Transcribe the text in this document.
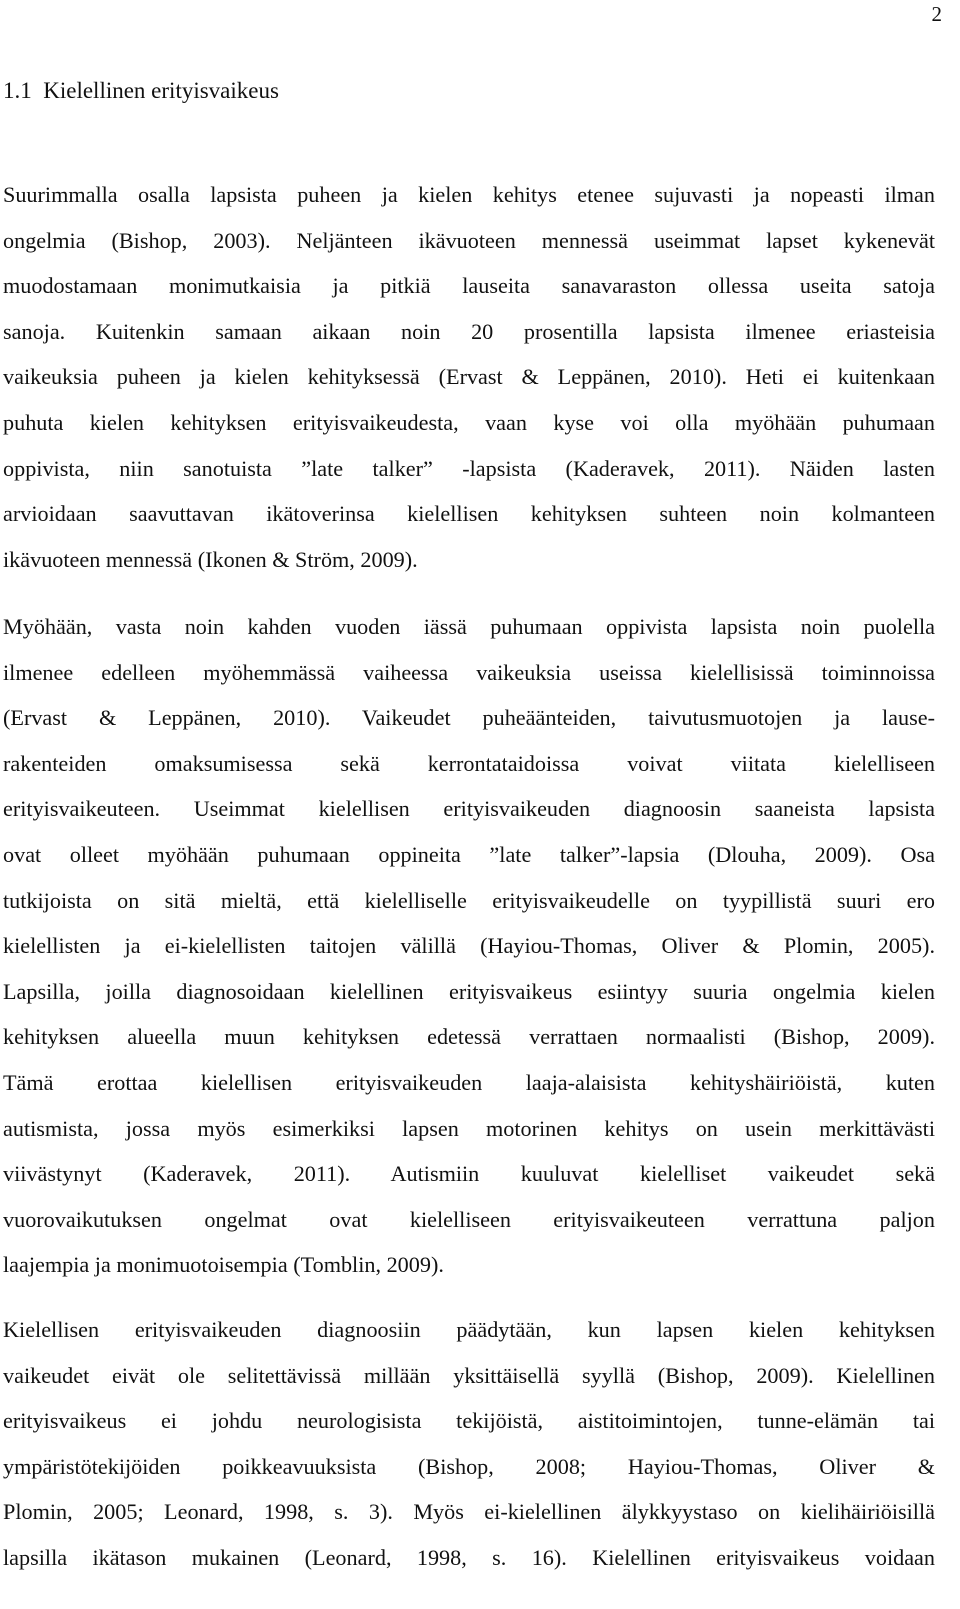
2
1.1 Kielellinen erityisvaikeus
Suurimmalla osalla lapsista puheen ja kielen kehitys etenee sujuvasti ja nopeasti ilman
ongelmia (Bishop, 2003). Neljänteen ikävuoteen mennessä useimmat lapset kykenevät
muodostamaan monimutkaisia ja pitkiä lauseita sanavaraston ollessa useita satoja
sanoja. Kuitenkin samaan aikaan noin 20 prosentilla lapsista ilmenee eriasteisia
vaikeuksia puheen ja kielen kehityksessä (Ervast & Leppänen, 2010). Heti ei kuitenkaan
puhuta kielen kehityksen erityisvaikeudesta, vaan kyse voi olla myöhään puhumaan
oppivista, niin sanotuista ”late talker” -lapsista (Kaderavek, 2011). Näiden lasten
arvioidaan saavuttavan ikätoverinsa kielellisen kehityksen suhteen noin kolmanteen
ikävuoteen mennessä (Ikonen & Ström, 2009).
Myöhään, vasta noin kahden vuoden iässä puhumaan oppivista lapsista noin puolella
ilmenee edelleen myöhemmässä vaiheessa vaikeuksia useissa kielellisissä toiminnoissa
(Ervast & Leppänen, 2010). Vaikeudet puheäänteiden, taivutusmuotojen ja lause-
rakenteiden omaksumisessa sekä kerrontataidoissa voivat viitata kielelliseen
erityisvaikeuteen. Useimmat kielellisen erityisvaikeuden diagnoosin saaneista lapsista
ovat olleet myöhään puhumaan oppineita ”late talker”-lapsia (Dlouha, 2009). Osa
tutkijoista on sitä mieltä, että kielelliselle erityisvaikeudelle on tyypillistä suuri ero
kielellisten ja ei-kielellisten taitojen välillä (Hayiou-Thomas, Oliver & Plomin, 2005).
Lapsilla, joilla diagnosoidaan kielellinen erityisvaikeus esiintyy suuria ongelmia kielen
kehityksen alueella muun kehityksen edetessä verrattaen normaalisti (Bishop, 2009).
Tämä erottaa kielellisen erityisvaikeuden laaja-alaisista kehityshäiriöistä, kuten
autismista, jossa myös esimerkiksi lapsen motorinen kehitys on usein merkittävästi
viivästynyt (Kaderavek, 2011). Autismiin kuuluvat kielelliset vaikeudet sekä
vuorovaikutuksen ongelmat ovat kielelliseen erityisvaikeuteen verrattuna paljon
laajempia ja monimuotoisempia (Tomblin, 2009).
Kielellisen erityisvaikeuden diagnoosiin päädytään, kun lapsen kielen kehityksen
vaikeudet eivät ole selitettävissä millään yksittäisellä syyllä (Bishop, 2009). Kielellinen
erityisvaikeus ei johdu neurologisista tekijöistä, aistitoimintojen, tunne-elämän tai
ympäristötekijöiden poikkeavuuksista (Bishop, 2008; Hayiou-Thomas, Oliver &
Plomin, 2005; Leonard, 1998, s. 3). Myös ei-kielellinen älykkyystaso on kielihäiriöisillä
lapsilla ikätason mukainen (Leonard, 1998, s. 16). Kielellinen erityisvaikeus voidaan
